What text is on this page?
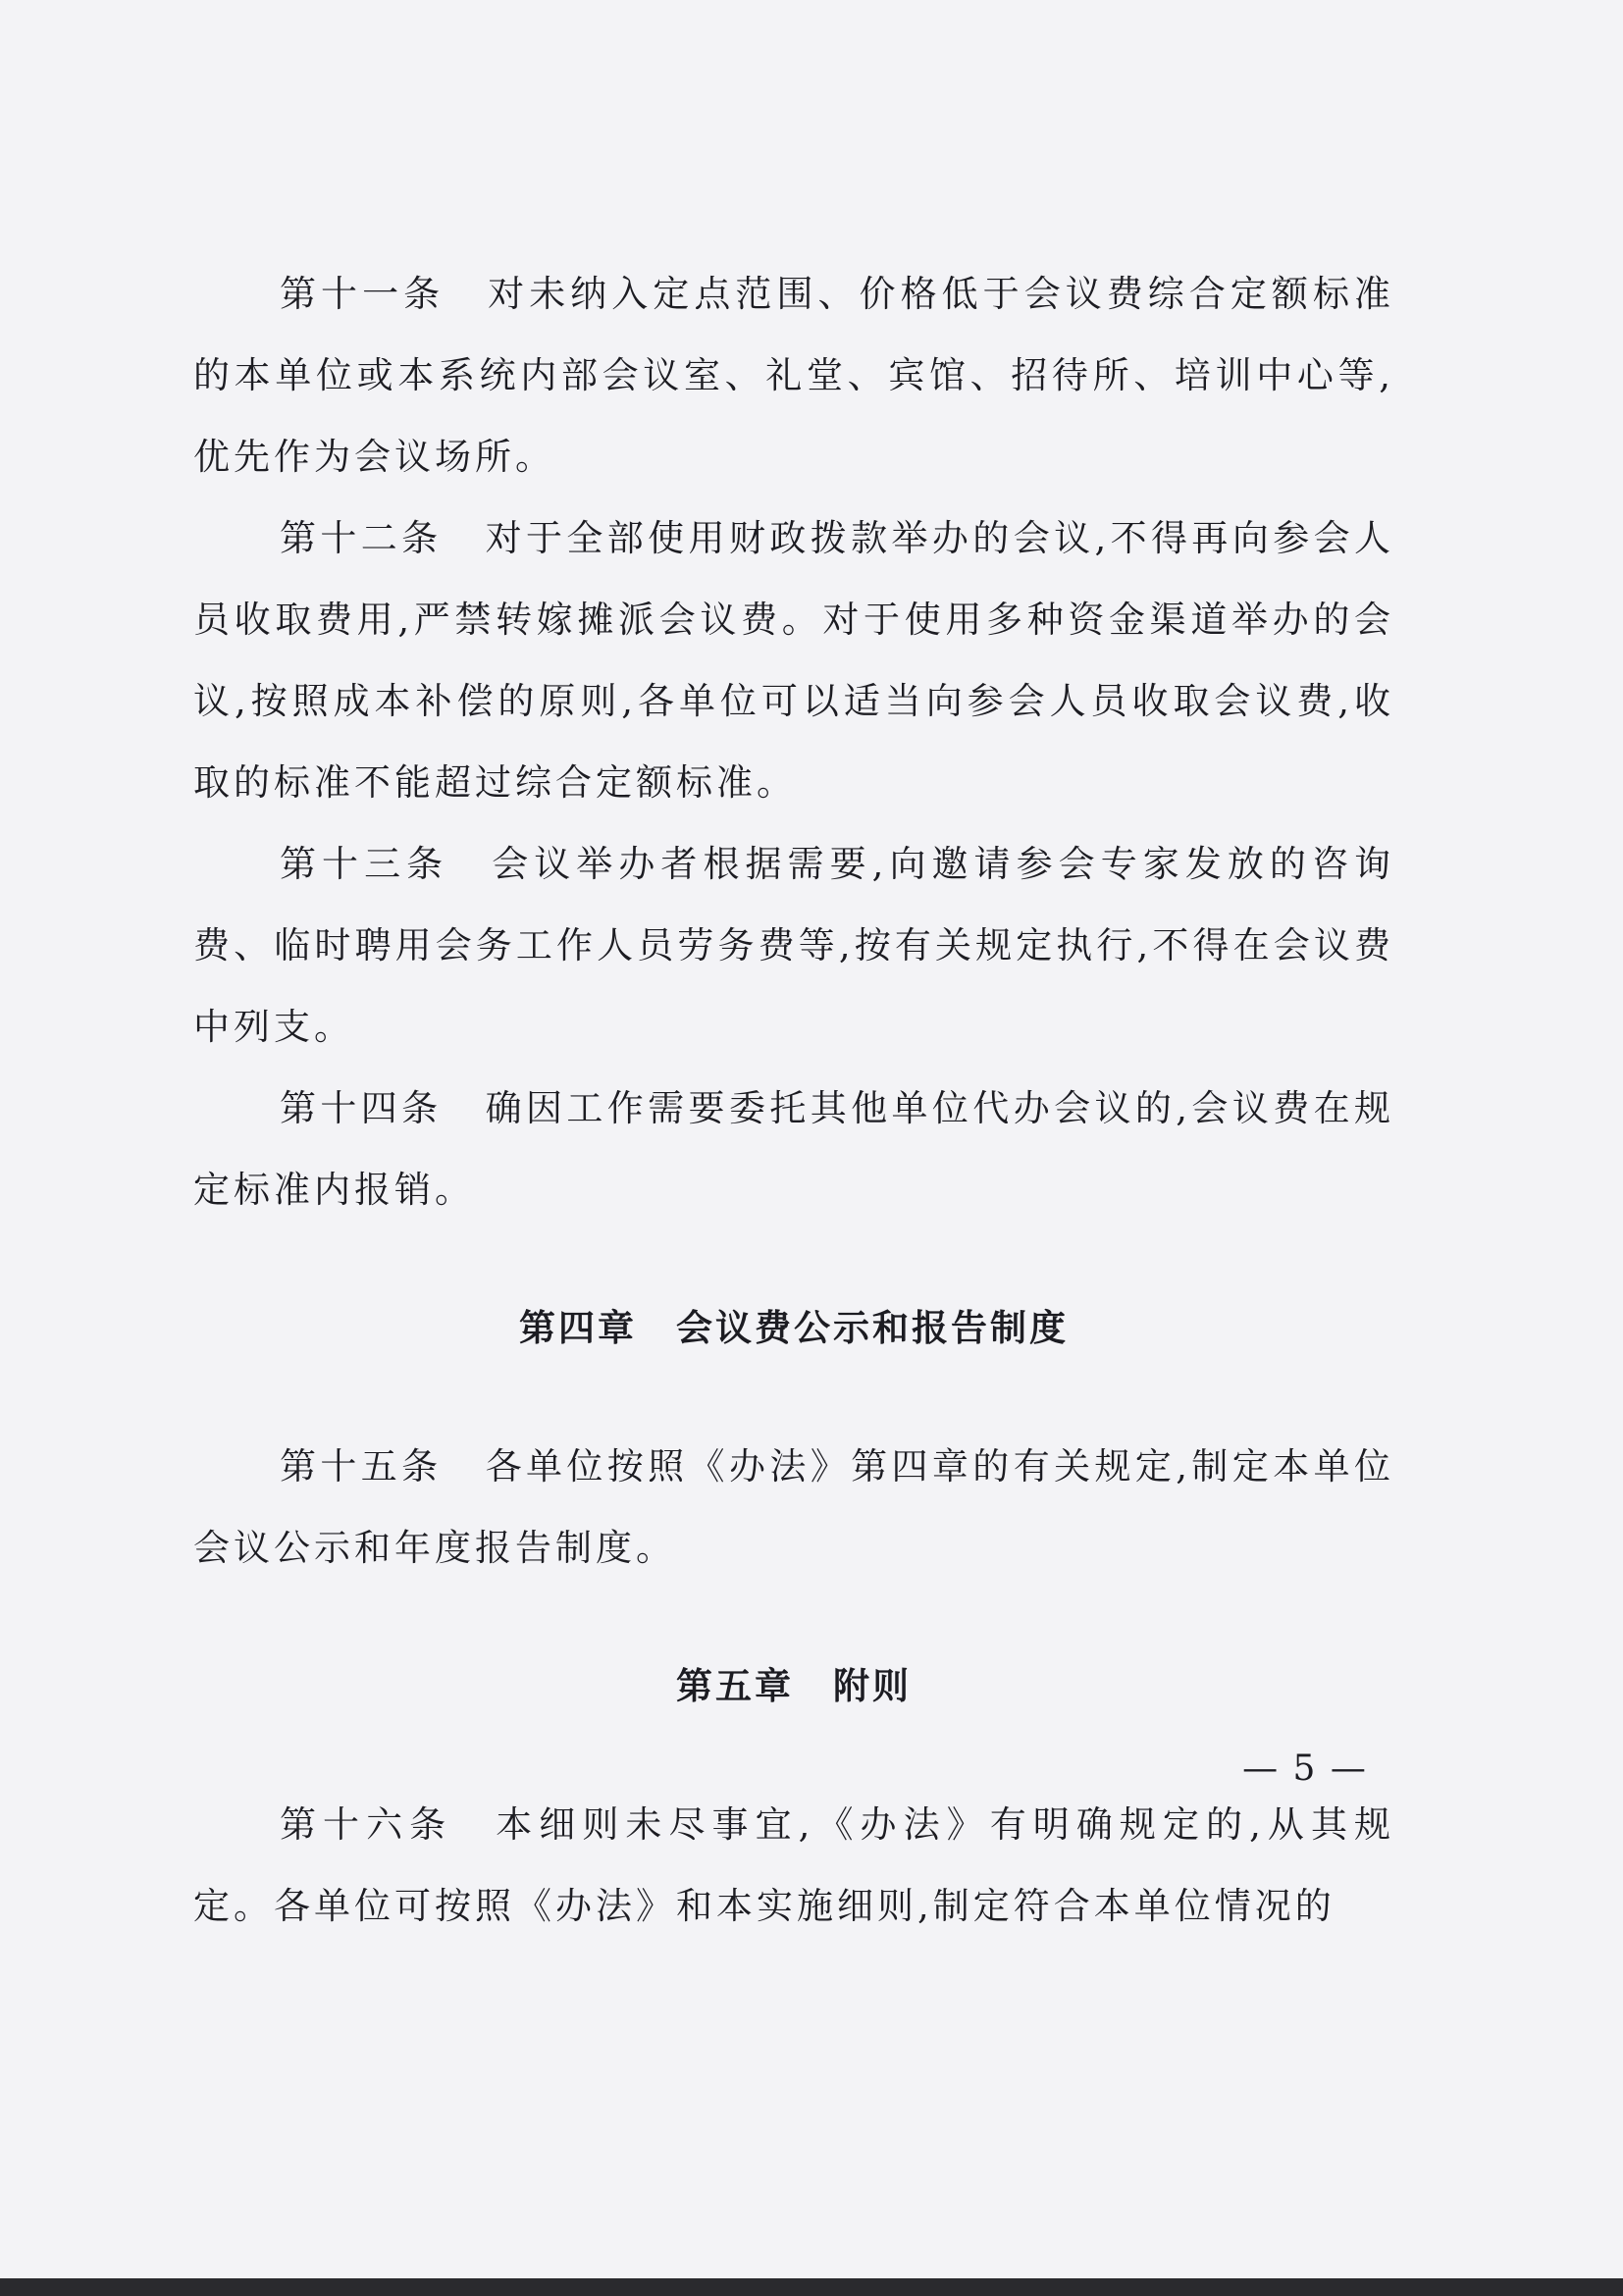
第十一条 对未纳入定点范围、价格低于会议费综合定额标准的本单位或本系统内部会议室、礼堂、宾馆、招待所、培训中心等,优先作为会议场所。

第十二条 对于全部使用财政拨款举办的会议,不得再向参会人员收取费用,严禁转嫁摊派会议费。对于使用多种资金渠道举办的会议,按照成本补偿的原则,各单位可以适当向参会人员收取会议费,收取的标准不能超过综合定额标准。

第十三条 会议举办者根据需要,向邀请参会专家发放的咨询费、临时聘用会务工作人员劳务费等,按有关规定执行,不得在会议费中列支。

第十四条 确因工作需要委托其他单位代办会议的,会议费在规定标准内报销。

第四章 会议费公示和报告制度

第十五条 各单位按照《办法》第四章的有关规定,制定本单位会议公示和年度报告制度。

第五章 附则

第十六条 本细则未尽事宜,《办法》有明确规定的,从其规定。各单位可按照《办法》和本实施细则,制定符合本单位情况的

— 5 —
